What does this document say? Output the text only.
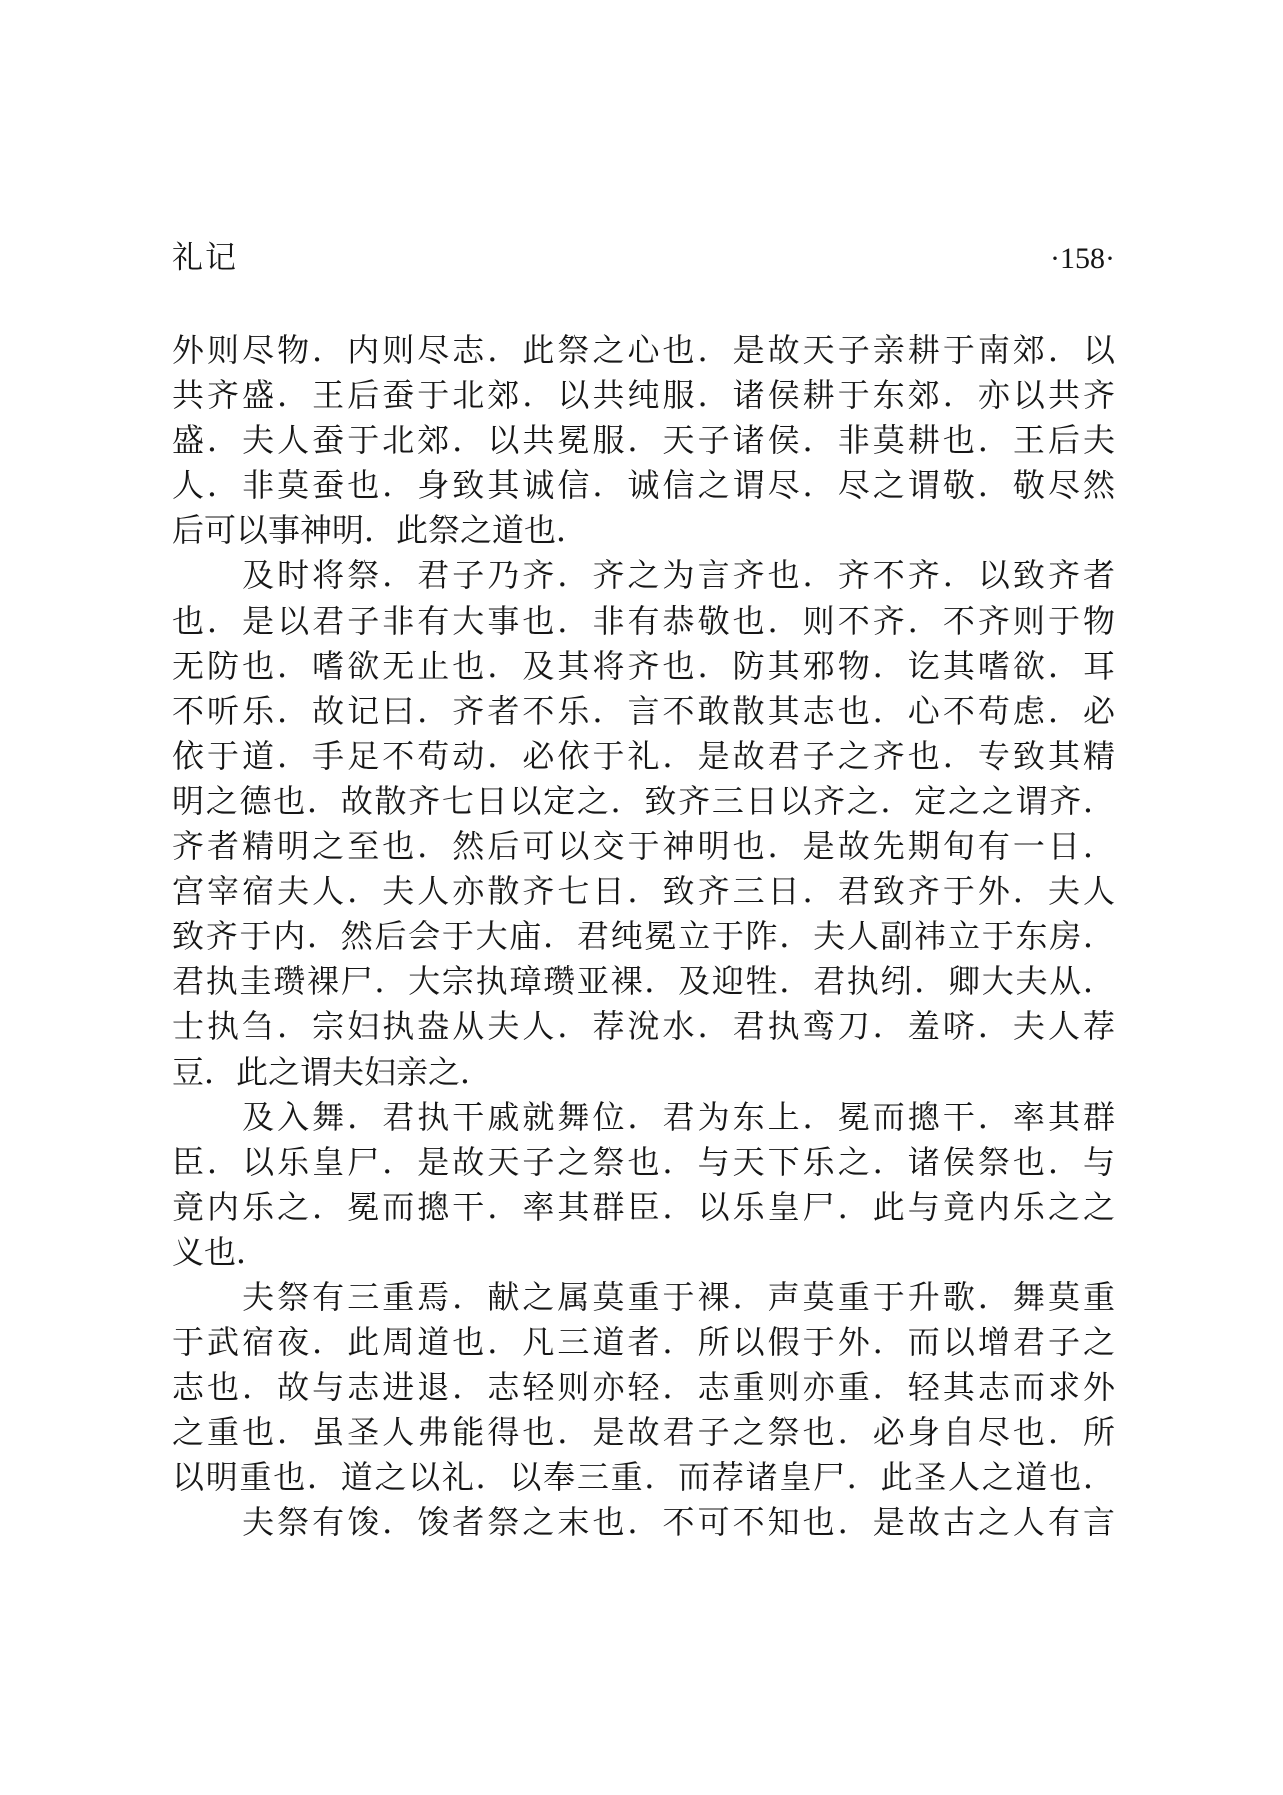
礼记	·158·
外则尽物．内则尽志．此祭之心也．是故天子亲耕于南郊．以
共齐盛．王后蚕于北郊．以共纯服．诸侯耕于东郊．亦以共齐
盛．夫人蚕于北郊．以共冕服．天子诸侯．非莫耕也．王后夫
人．非莫蚕也．身致其诚信．诚信之谓尽．尽之谓敬．敬尽然
后可以事神明．此祭之道也．
　　及时将祭．君子乃齐．齐之为言齐也．齐不齐．以致齐者
也．是以君子非有大事也．非有恭敬也．则不齐．不齐则于物
无防也．嗜欲无止也．及其将齐也．防其邪物．讫其嗜欲．耳
不听乐．故记曰．齐者不乐．言不敢散其志也．心不苟虑．必
依于道．手足不苟动．必依于礼．是故君子之齐也．专致其精
明之德也．故散齐七日以定之．致齐三日以齐之．定之之谓齐．
齐者精明之至也．然后可以交于神明也．是故先期旬有一日．
宫宰宿夫人．夫人亦散齐七日．致齐三日．君致齐于外．夫人
致齐于内．然后会于大庙．君纯冕立于阼．夫人副祎立于东房．
君执圭瓒裸尸．大宗执璋瓒亚裸．及迎牲．君执纼．卿大夫从．
士执刍．宗妇执盎从夫人．荐涗水．君执鸾刀．羞哜．夫人荐
豆．此之谓夫妇亲之．
　　及入舞．君执干戚就舞位．君为东上．冕而摠干．率其群
臣．以乐皇尸．是故天子之祭也．与天下乐之．诸侯祭也．与
竟内乐之．冕而摠干．率其群臣．以乐皇尸．此与竟内乐之之
义也．
　　夫祭有三重焉．献之属莫重于裸．声莫重于升歌．舞莫重
于武宿夜．此周道也．凡三道者．所以假于外．而以增君子之
志也．故与志进退．志轻则亦轻．志重则亦重．轻其志而求外
之重也．虽圣人弗能得也．是故君子之祭也．必身自尽也．所
以明重也．道之以礼．以奉三重．而荐诸皇尸．此圣人之道也．
　　夫祭有馂．馂者祭之末也．不可不知也．是故古之人有言
